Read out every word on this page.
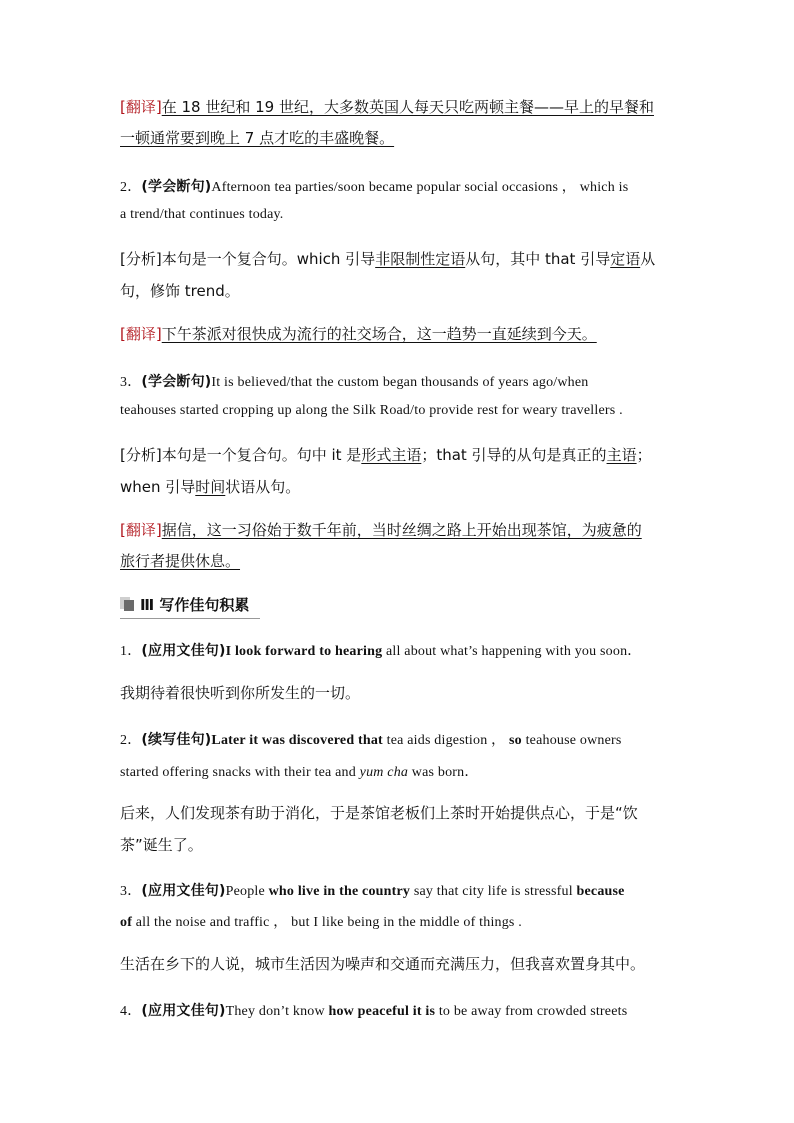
[翻译]在 18 世纪和 19 世纪，大多数英国人每天只吃两顿主餐——早上的早餐和
一顿通常要到晚上 7 点才吃的丰盛晚餐。
2．(学会断句)Afternoon tea parties/soon became popular social occasions ， which is
a trend/that continues today.
[分析]本句是一个复合句。which 引导非限制性定语从句，其中 that 引导定语从
句，修饰 trend。
[翻译]下午茶派对很快成为流行的社交场合，这一趋势一直延续到今天。
3．(学会断句)It is believed/that the custom began thousands of years ago/when
teahouses started cropping up along the Silk Road/to provide rest for weary travellers .
[分析]本句是一个复合句。句中 it 是形式主语；that 引导的从句是真正的主语；
when 引导时间状语从句。
[翻译]据信，这一习俗始于数千年前，当时丝绸之路上开始出现茶馆，为疲惫的
旅行者提供休息。
Ⅲ 写作佳句积累
1．(应用文佳句)I look forward to hearing all about what’s happening with you soon．
我期待着很快听到你所发生的一切。
2．(续写佳句)Later it was discovered that tea aids digestion ， so teahouse owners
started offering snacks with their tea and yum cha was born．
后来，人们发现茶有助于消化，于是茶馆老板们上茶时开始提供点心，于是“饮
茶”诞生了。
3．(应用文佳句)People who live in the country say that city life is stressful because
of all the noise and traffic ， but I like being in the middle of things .
生活在乡下的人说，城市生活因为噪声和交通而充满压力，但我喜欢置身其中。
4．(应用文佳句)They don’t know how peaceful it is to be away from crowded streets
